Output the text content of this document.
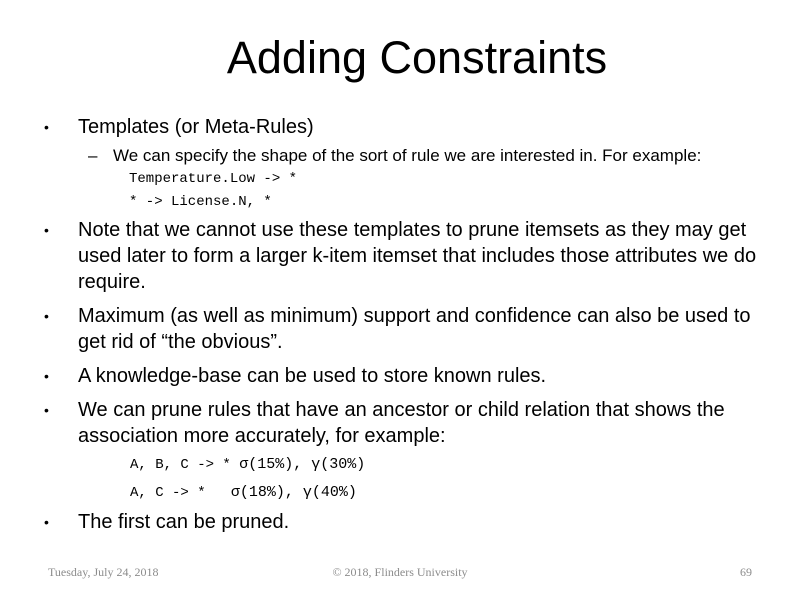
Adding Constraints
•	Templates (or Meta-Rules)
– We can specify the shape of the sort of rule we are interested in. For example:
Temperature.Low -> *
* -> License.N, *
•	Note that we cannot use these templates to prune itemsets as they may get used later to form a larger k-item itemset that includes those attributes we do require.
•	Maximum (as well as minimum) support and confidence can also be used to get rid of “the obvious”.
•	A knowledge-base can be used to store known rules.
•	We can prune rules that have an ancestor or child relation that shows the association more accurately, for example:
A, B, C -> * σ(15%), γ(30%)
A, C -> *   σ(18%), γ(40%)
•	The first can be pruned.
Tuesday, July 24, 2018	© 2018, Flinders University	69
